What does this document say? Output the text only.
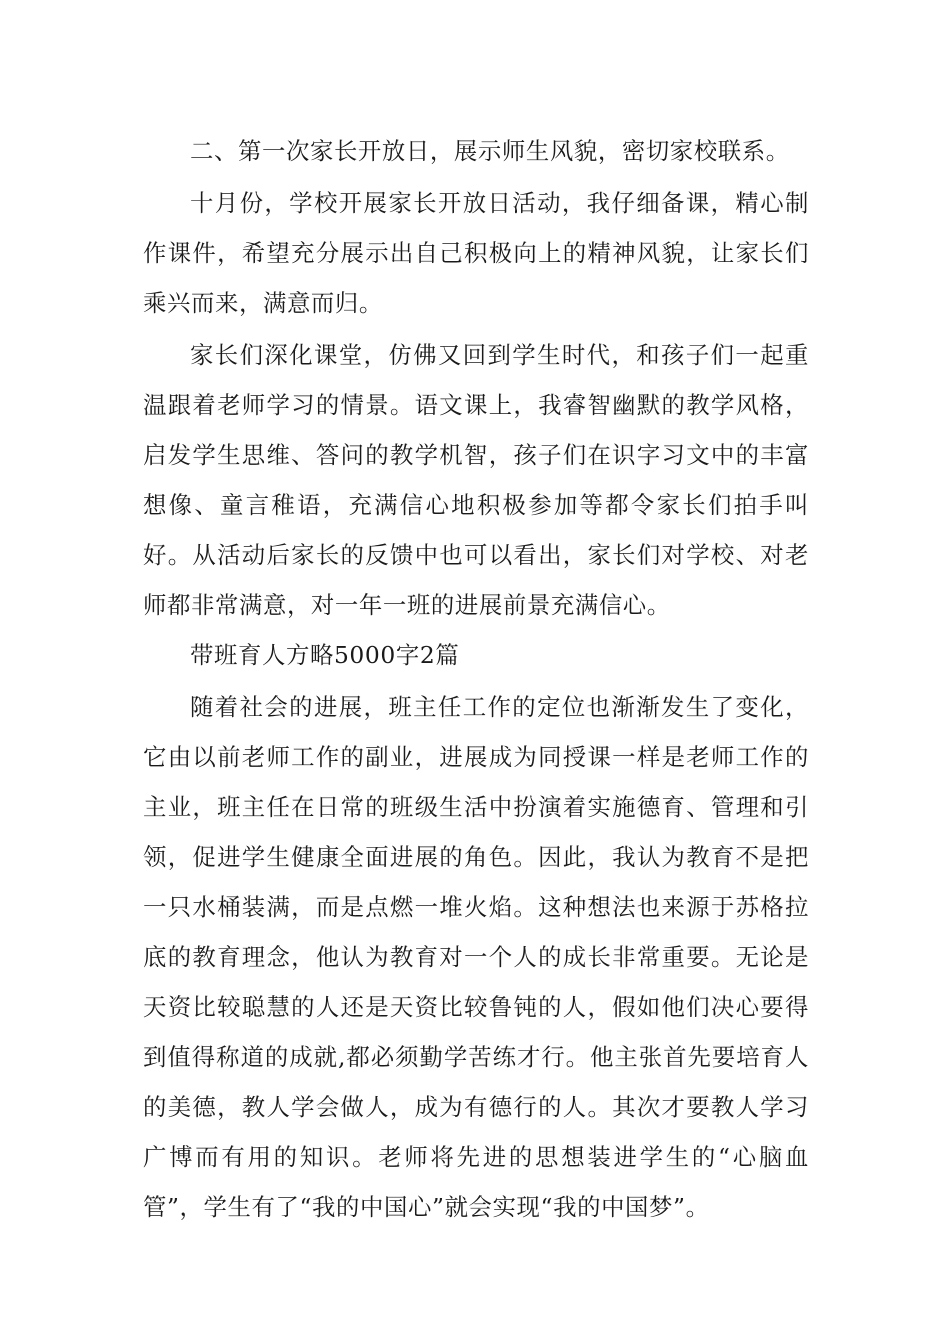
二、第一次家长开放日，展示师生风貌，密切家校联系。

十月份，学校开展家长开放日活动，我仔细备课，精心制作课件，希望充分展示出自己积极向上的精神风貌，让家长们乘兴而来，满意而归。

家长们深化课堂，仿佛又回到学生时代，和孩子们一起重温跟着老师学习的情景。语文课上，我睿智幽默的教学风格，启发学生思维、答问的教学机智，孩子们在识字习文中的丰富想像、童言稚语，充满信心地积极参加等都令家长们拍手叫好。从活动后家长的反馈中也可以看出，家长们对学校、对老师都非常满意，对一年一班的进展前景充满信心。

带班育人方略5000字2篇

随着社会的进展，班主任工作的定位也渐渐发生了变化，它由以前老师工作的副业，进展成为同授课一样是老师工作的主业，班主任在日常的班级生活中扮演着实施德育、管理和引领，促进学生健康全面进展的角色。因此，我认为教育不是把一只水桶装满，而是点燃一堆火焰。这种想法也来源于苏格拉底的教育理念，他认为教育对一个人的成长非常重要。无论是天资比较聪慧的人还是天资比较鲁钝的人，假如他们决心要得到值得称道的成就,都必须勤学苦练才行。他主张首先要培育人的美德，教人学会做人，成为有德行的人。其次才要教人学习广博而有用的知识。老师将先进的思想装进学生的“心脑血管”，学生有了“我的中国心”就会实现“我的中国梦”。
